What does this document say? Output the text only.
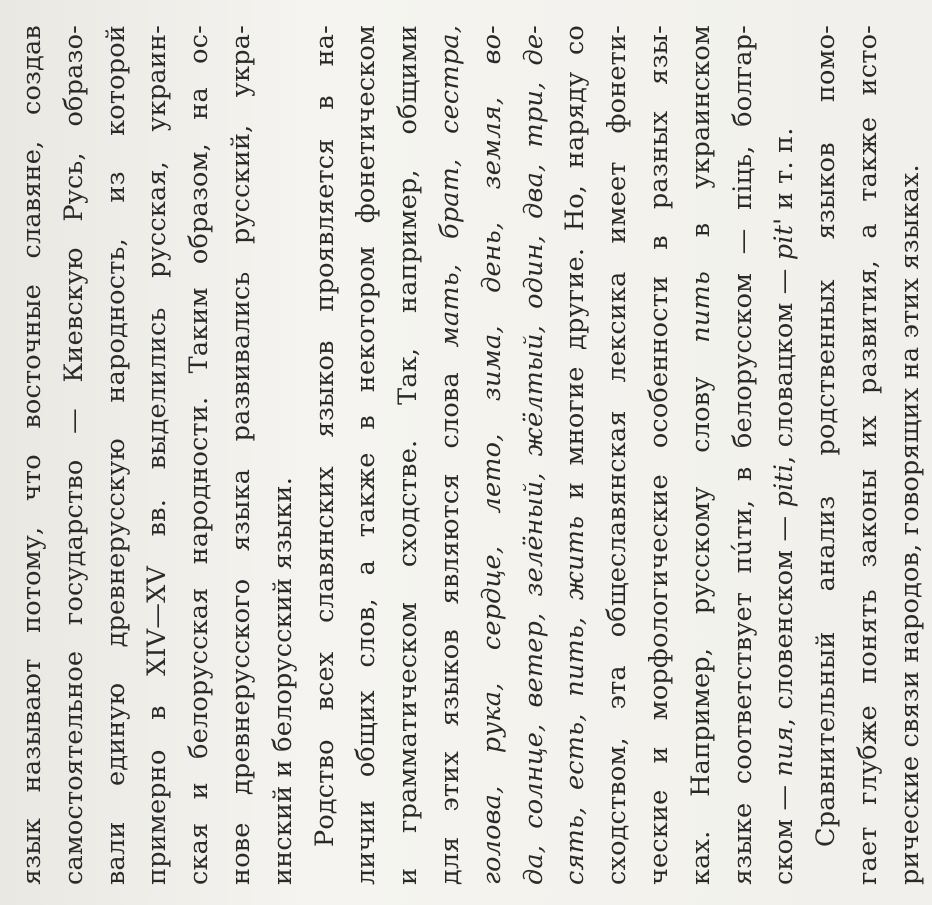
язык называют потому, что восточные славяне, создав самостоятельное государство — Киевскую Русь, образо- вали единую древнерусскую народность, из которой примерно в XIV—XV вв. выделились русская, украин- ская и белорусская народности. Таким образом, на ос- нове древнерусского языка развивались русский, укра- инский и белорусский языки. Родство всех славянских языков проявляется в на- личии общих слов, а также в некотором фонетическом и грамматическом сходстве. Так, например, общими для этих языков являются слова мать, брат, сестра, голова, рука, сердце, лето, зима, день, земля, во- да, солнце, ветер, зелёный, жёлтый, один, два, три, де- сять, есть, пить, жить и многие другие. Но, наряду со сходством, эта общеславянская лексика имеет фонети- ческие и морфологические особенности в разных язы- ках. Например, русскому слову пить в украинском языке соответствует пúти, в белорусском — піць, болгар- ском — пия, словенском — piti, словацком — pit' и т. п. Сравнительный анализ родственных языков помо- гает глубже понять законы их развития, а также исто- рические связи народов, говорящих на этих языках.
